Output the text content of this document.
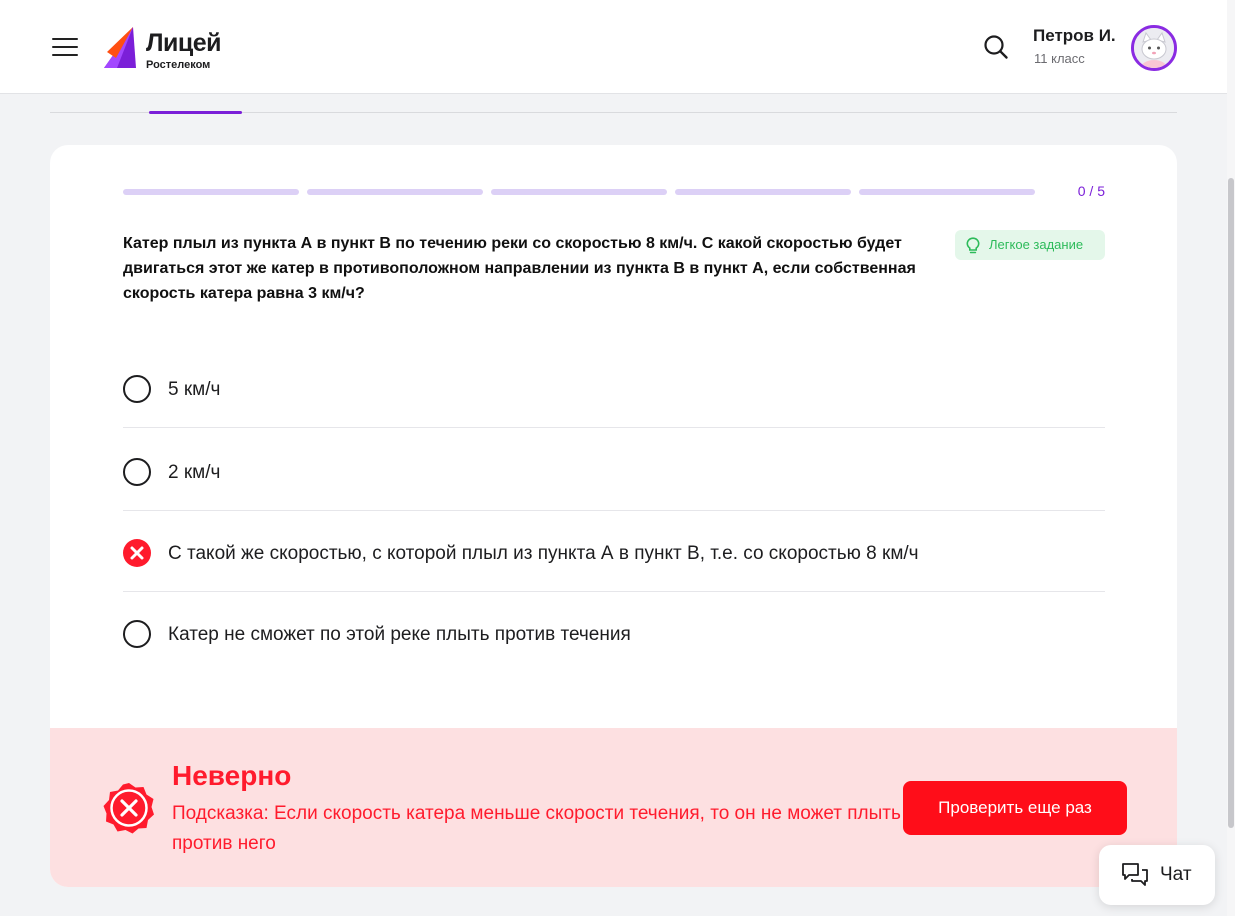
Лицей
Ростелеком
Петров И.
11 класс
0 / 5
Катер плыл из пункта А в пункт В по течению реки со скоростью 8 км/ч. С какой скоростью будет двигаться этот же катер в противоположном направлении из пункта В в пункт А, если собственная скорость катера равна 3 км/ч?
Легкое задание
5 км/ч
2 км/ч
С такой же скоростью, с которой плыл из пункта А в пункт В, т.е. со скоростью 8 км/ч
Катер не сможет по этой реке плыть против течения
Неверно
Подсказка: Если скорость катера меньше скорости течения, то он не может плыть против него
Проверить еще раз
Чат
